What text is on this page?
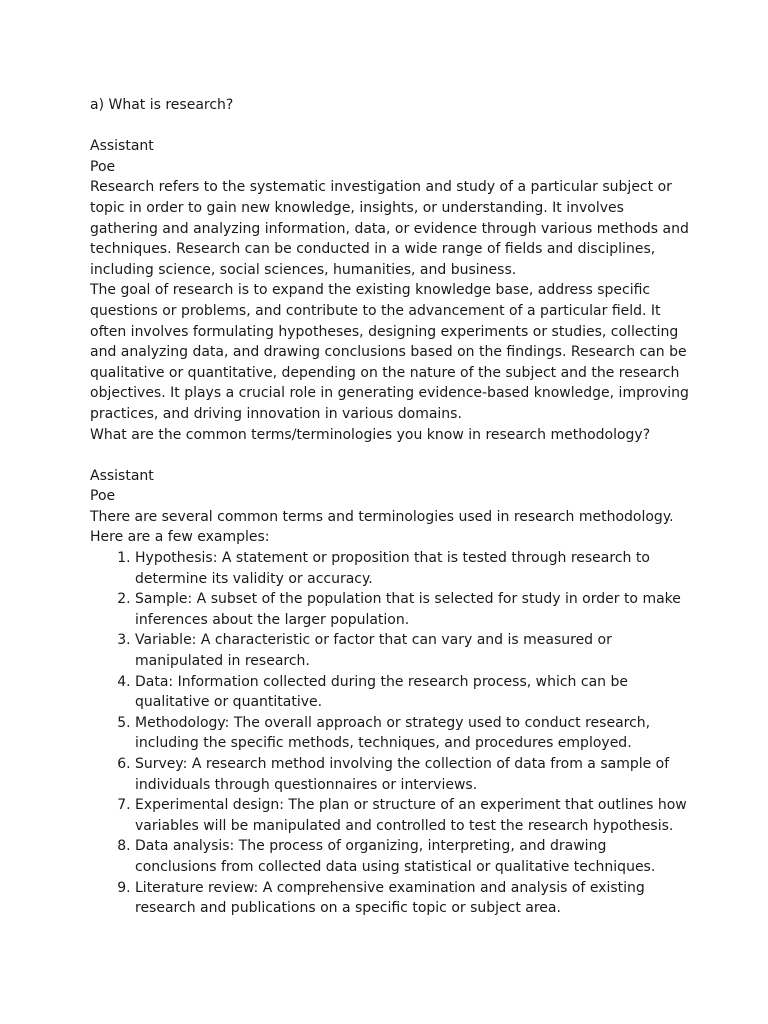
a) What is research?

Assistant

Poe

Research refers to the systematic investigation and study of a particular subject or topic in order to gain new knowledge, insights, or understanding. It involves gathering and analyzing information, data, or evidence through various methods and techniques. Research can be conducted in a wide range of fields and disciplines, including science, social sciences, humanities, and business.

The goal of research is to expand the existing knowledge base, address specific questions or problems, and contribute to the advancement of a particular field. It often involves formulating hypotheses, designing experiments or studies, collecting and analyzing data, and drawing conclusions based on the findings. Research can be qualitative or quantitative, depending on the nature of the subject and the research objectives. It plays a crucial role in generating evidence-based knowledge, improving practices, and driving innovation in various domains.

What are the common terms/terminologies you know in research methodology?

Assistant

Poe

There are several common terms and terminologies used in research methodology. Here are a few examples:

1. Hypothesis: A statement or proposition that is tested through research to determine its validity or accuracy.
2. Sample: A subset of the population that is selected for study in order to make inferences about the larger population.
3. Variable: A characteristic or factor that can vary and is measured or manipulated in research.
4. Data: Information collected during the research process, which can be qualitative or quantitative.
5. Methodology: The overall approach or strategy used to conduct research, including the specific methods, techniques, and procedures employed.
6. Survey: A research method involving the collection of data from a sample of individuals through questionnaires or interviews.
7. Experimental design: The plan or structure of an experiment that outlines how variables will be manipulated and controlled to test the research hypothesis.
8. Data analysis: The process of organizing, interpreting, and drawing conclusions from collected data using statistical or qualitative techniques.
9. Literature review: A comprehensive examination and analysis of existing research and publications on a specific topic or subject area.
